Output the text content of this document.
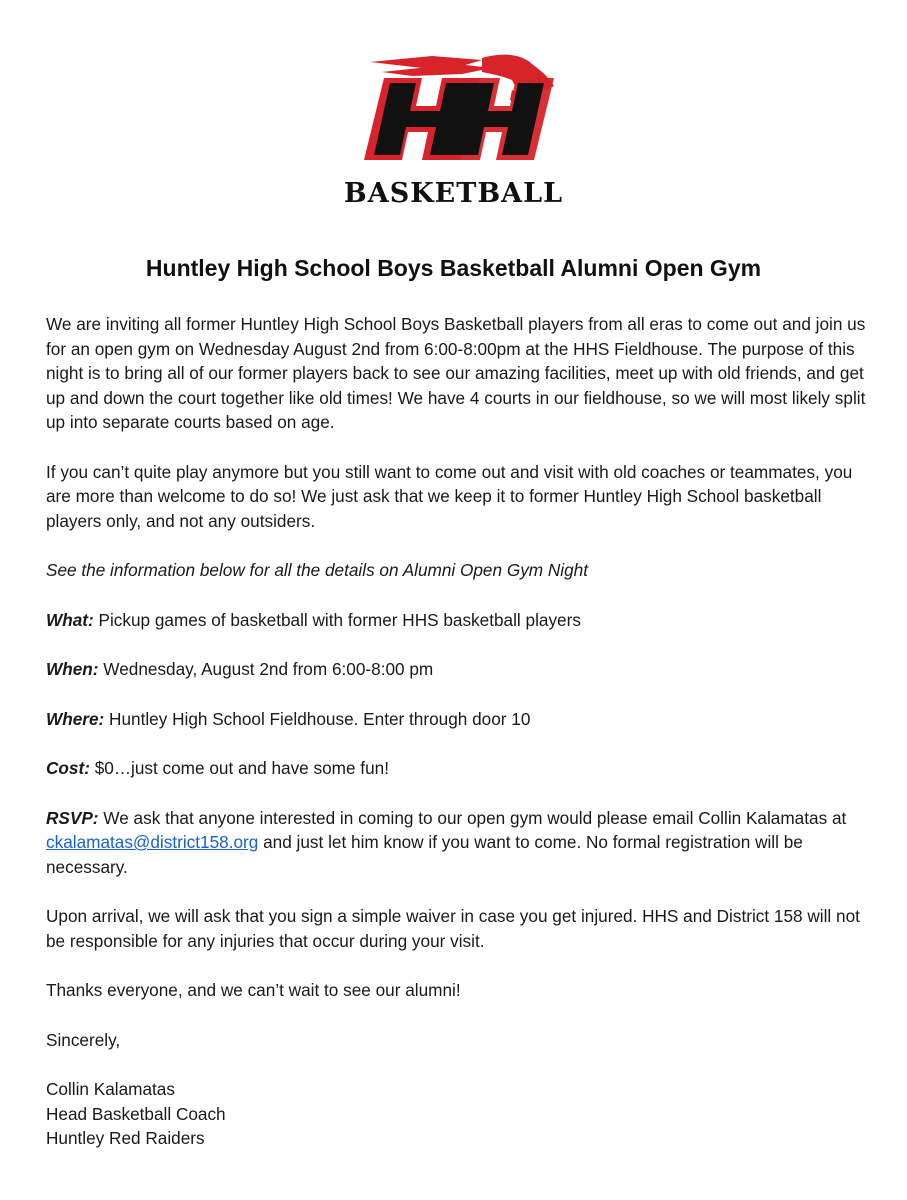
BASKETBALL
Huntley High School Boys Basketball Alumni Open Gym

We are inviting all former Huntley High School Boys Basketball players from all eras to come out and join us for an open gym on Wednesday August 2nd from 6:00-8:00pm at the HHS Fieldhouse. The purpose of this night is to bring all of our former players back to see our amazing facilities, meet up with old friends, and get up and down the court together like old times! We have 4 courts in our fieldhouse, so we will most likely split up into separate courts based on age.

If you can’t quite play anymore but you still want to come out and visit with old coaches or teammates, you are more than welcome to do so! We just ask that we keep it to former Huntley High School basketball players only, and not any outsiders.

See the information below for all the details on Alumni Open Gym Night

What: Pickup games of basketball with former HHS basketball players

When: Wednesday, August 2nd from 6:00-8:00 pm

Where: Huntley High School Fieldhouse. Enter through door 10

Cost: $0…just come out and have some fun!

RSVP: We ask that anyone interested in coming to our open gym would please email Collin Kalamatas at ckalamatas@district158.org and just let him know if you want to come. No formal registration will be necessary.

Upon arrival, we will ask that you sign a simple waiver in case you get injured. HHS and District 158 will not be responsible for any injuries that occur during your visit.

Thanks everyone, and we can’t wait to see our alumni!

Sincerely,

Collin Kalamatas

Head Basketball Coach

Huntley Red Raiders
